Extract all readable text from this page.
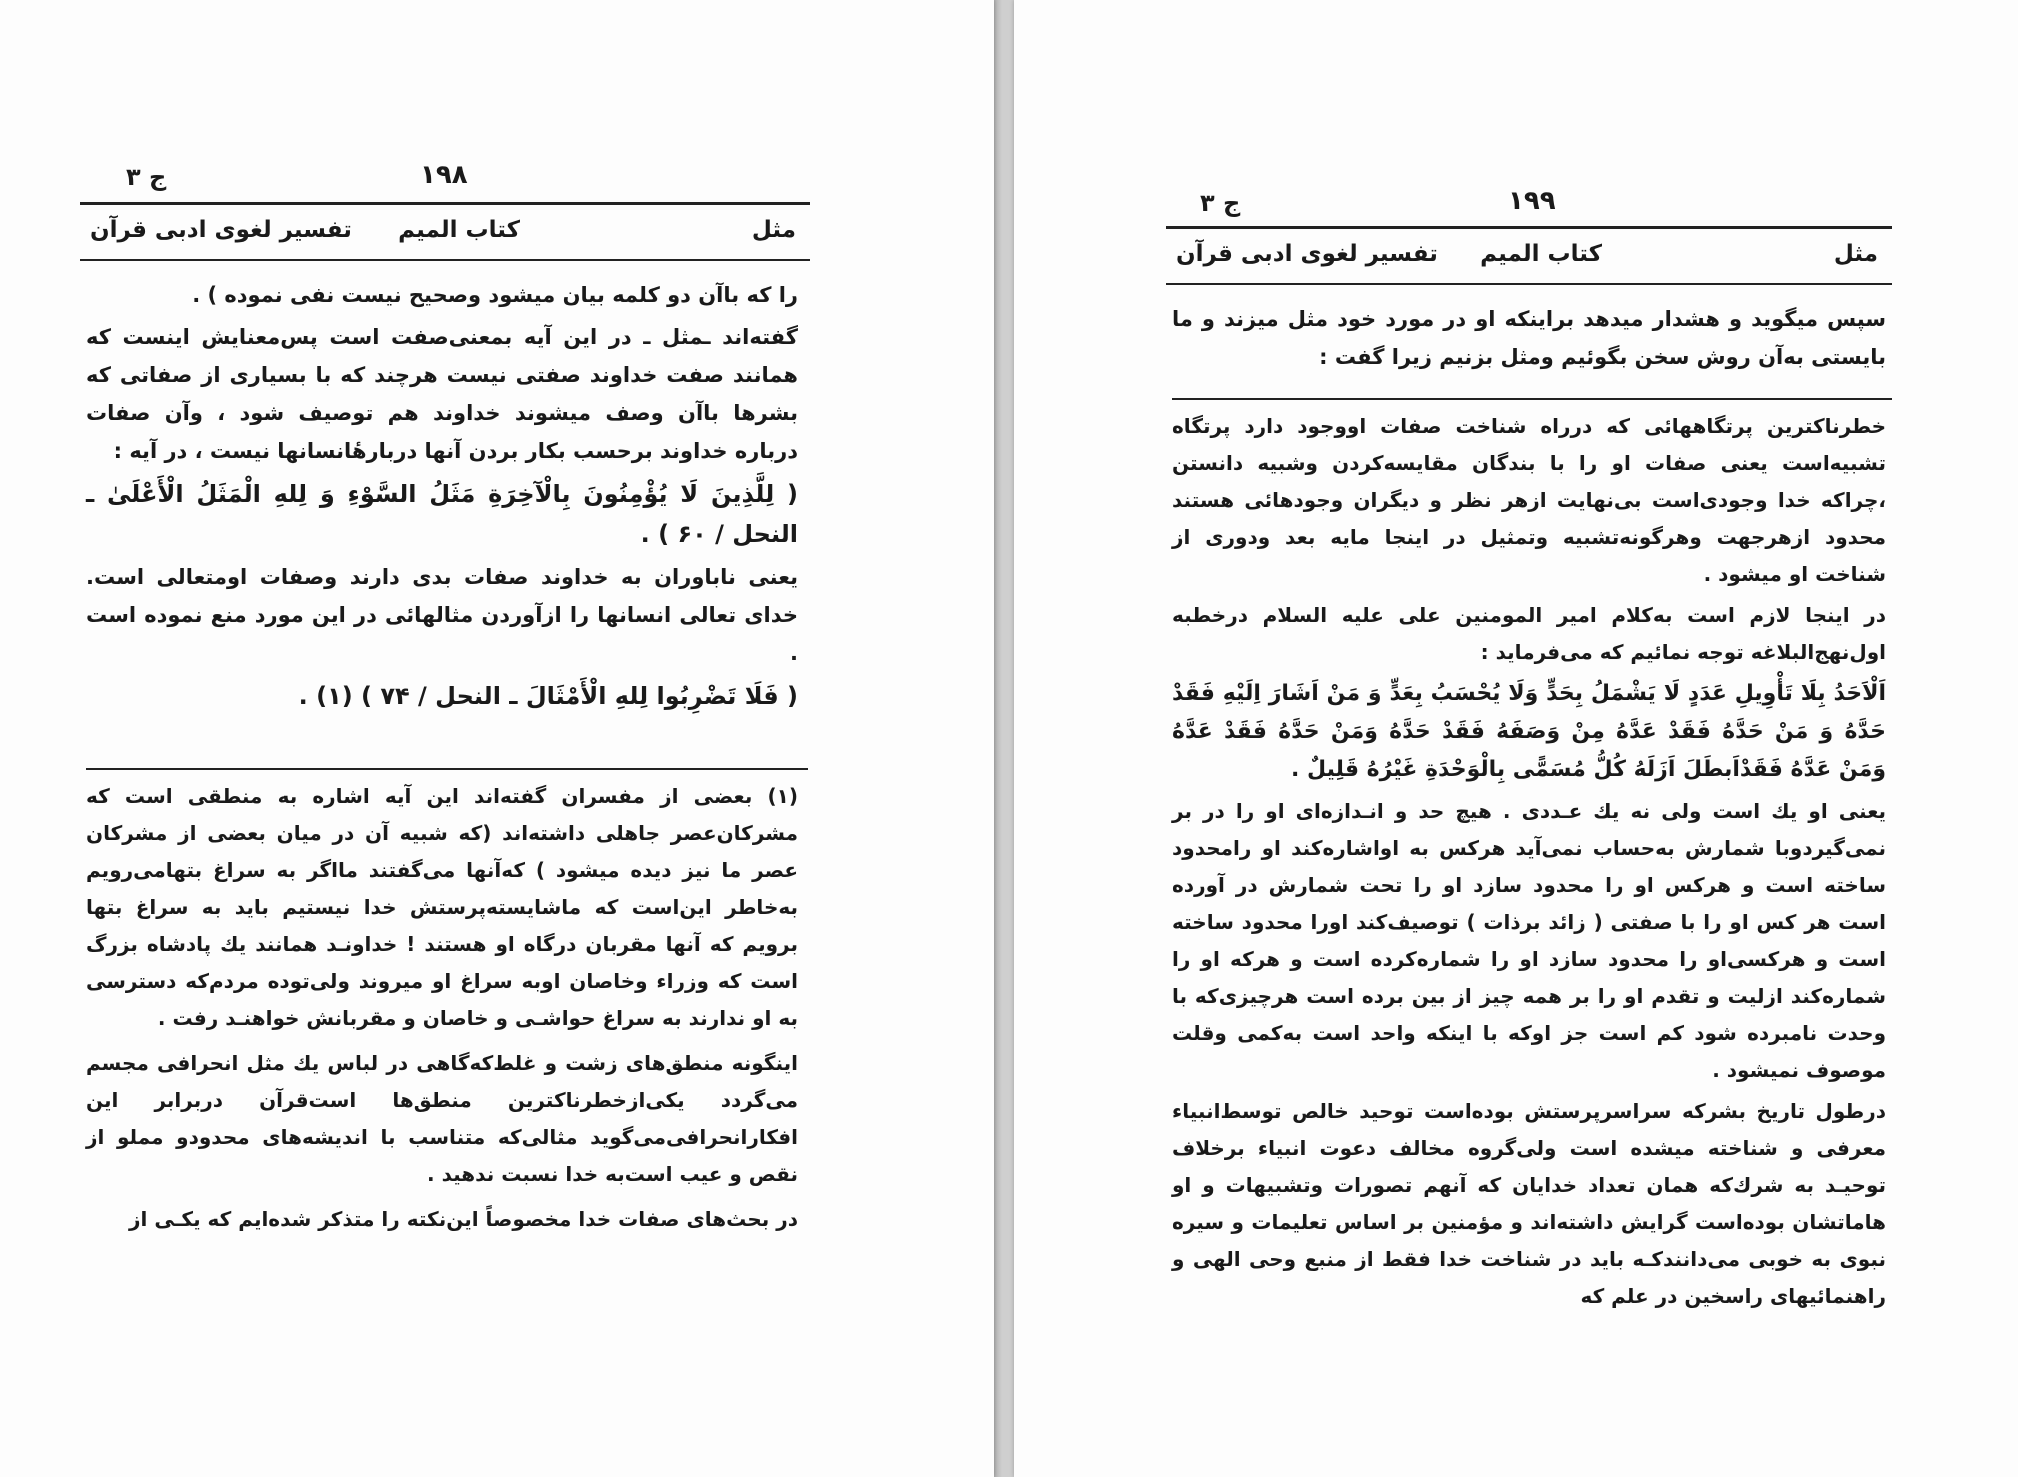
۱۹۸
ج ۳
مثل
كتاب الميم
تفسير لغوى ادبى قرآن

را كه باآن دو كلمه بيان ميشود وصحيح نيست نفى نموده ) .

گفته‌اند ـمثل ـ در اين آيه بمعنى‌صفت است پس‌معنايش اينست كه همانند صفت خداوند صفتى نيست هرچند كه با بسيارى از صفاتى كه بشرها باآن وصف ميشوند خداوند هم توصيف شود ، وآن صفات درباره خداوند برحسب بكار بردن آنها دربارهٔانسانها نيست ، در آيه :

( لِلَّذِينَ لَا يُؤْمِنُونَ بِالْآخِرَةِ مَثَلُ السَّوْءِ وَ لِلهِ الْمَثَلُ الْأَعْلَىٰ ـ النحل / ۶۰ ) .

يعنى ناباوران به خداوند صفات بدى دارند وصفات اومتعالى است. خداى تعالى انسانها را ازآوردن مثالهائى در اين مورد منع نموده است .

( فَلَا تَضْرِبُوا لِلهِ الْأَمْثَالَ ـ النحل / ۷۴ ) (۱) .

(۱) بعضى از مفسران گفته‌اند اين آيه اشاره به منطقى است كه مشركان‌عصر جاهلى داشته‌اند (كه شبيه آن در ميان بعضى از مشركان عصر ما نيز ديده ميشود ) كه‌آنها مى‌گفتند مااگر به سراغ بتهامى‌رويم به‌خاطر اين‌است كه ماشايسته‌پرستش خدا نيستيم بايد به سراغ بتها برويم كه آنها مقربان درگاه او هستند ! خداونـد همانند يك پادشاه بزرگ است كه وزراء وخاصان اوبه سراغ او ميروند ولى‌توده مردم‌كه دسترسى به او ندارند به سراغ حواشـى و خاصان و مقربانش خواهنـد رفت .

اينگونه منطق‌هاى زشت و غلط‌كه‌گاهى در لباس يك مثل انحرافى مجسم مى‌گردد يكى‌ازخطرناكترين منطق‌ها است‌قرآن دربرابر اين افكارانحرافى‌مى‌گويد مثالى‌كه متناسب با انديشه‌هاى محدودو مملو از نقص و عيب است‌به خدا نسبت ندهيد .

در بحث‌هاى صفات خدا مخصوصاً اين‌نكته را متذكر شده‌ايم كه يكـى از

۱۹۹
ج ۳
مثل
كتاب الميم
تفسير لغوى ادبى قرآن

سپس ميگويد و هشدار ميدهد براينكه او در مورد خود مثل ميزند و ما بايستى به‌آن روش سخن بگوئيم ومثل بزنيم زيرا گفت :

خطرناكترين پرتگاههائى كه درراه شناخت صفات اووجود دارد پرتگاه تشبيه‌است يعنى صفات او را با بندگان مقايسه‌كردن وشبيه دانستن ،چراكه خدا وجودى‌است بى‌نهايت ازهر نظر و ديگران وجودهائى هستند محدود ازهرجهت وهرگونه‌تشبيه وتمثيل در اينجا مايه بعد ودورى از شناخت او ميشود .

در اينجا لازم است به‌كلام امير المومنين على عليه السلام درخطبه اول‌نهج‌البلاغه توجه نمائيم كه مى‌فرمايد :

اَلْاَحَدُ بِلَا تَأْوِيلِ عَدَدٍ لَا يَشْمَلُ بِحَدٍّ وَلَا يُحْسَبُ بِعَدٍّ وَ مَنْ اَشَارَ اِلَيْهِ فَقَدْ حَدَّهُ وَ مَنْ حَدَّهُ فَقَدْ عَدَّهُ مِنْ وَصَفَهُ فَقَدْ حَدَّهُ وَمَنْ حَدَّهُ فَقَدْ عَدَّهُ وَمَنْ عَدَّهُ فَقَدْاَبطَلَ اَزَلَهُ كُلُّ مُسَمًّى بِالْوَحْدَةِ غَيْرُهُ قَلِيلٌ .

يعنى او يك است ولى نه يك عـددى . هيچ حد و انـدازه‌اى او را در بر نمى‌گيردوبا شمارش به‌حساب نمى‌آيد هركس به اواشاره‌كند او رامحدود ساخته است و هركس او را محدود سازد او را تحت شمارش در آورده است هر كس او را با صفتى ( زائد برذات ) توصيف‌كند اورا محدود ساخته است و هركسى‌او را محدود سازد او را شماره‌كرده است و هركه او را شماره‌كند ازليت و تقدم او را بر همه چيز از بين برده است هرچيزى‌كه با وحدت نامبرده شود كم است جز اوكه با اينكه واحد است به‌كمى وقلت موصوف نميشود .

درطول تاريخ بشركه سراسرپرستش بوده‌است توحيد خالص توسط‌انبياء معرفى و شناخته ميشده است ولى‌گروه مخالف دعوت انبياء برخلاف توحيـد به شرك‌كه همان تعداد خدايان كه آنهم تصورات وتشبيهات و او هاماتشان بوده‌است گرايش داشته‌اند و مؤمنين بر اساس تعليمات و سيره نبوى به خوبى مى‌دانندكـه بايد در شناخت خدا فقط از منبع وحى الهى و راهنمائيهاى راسخين در علم كه
